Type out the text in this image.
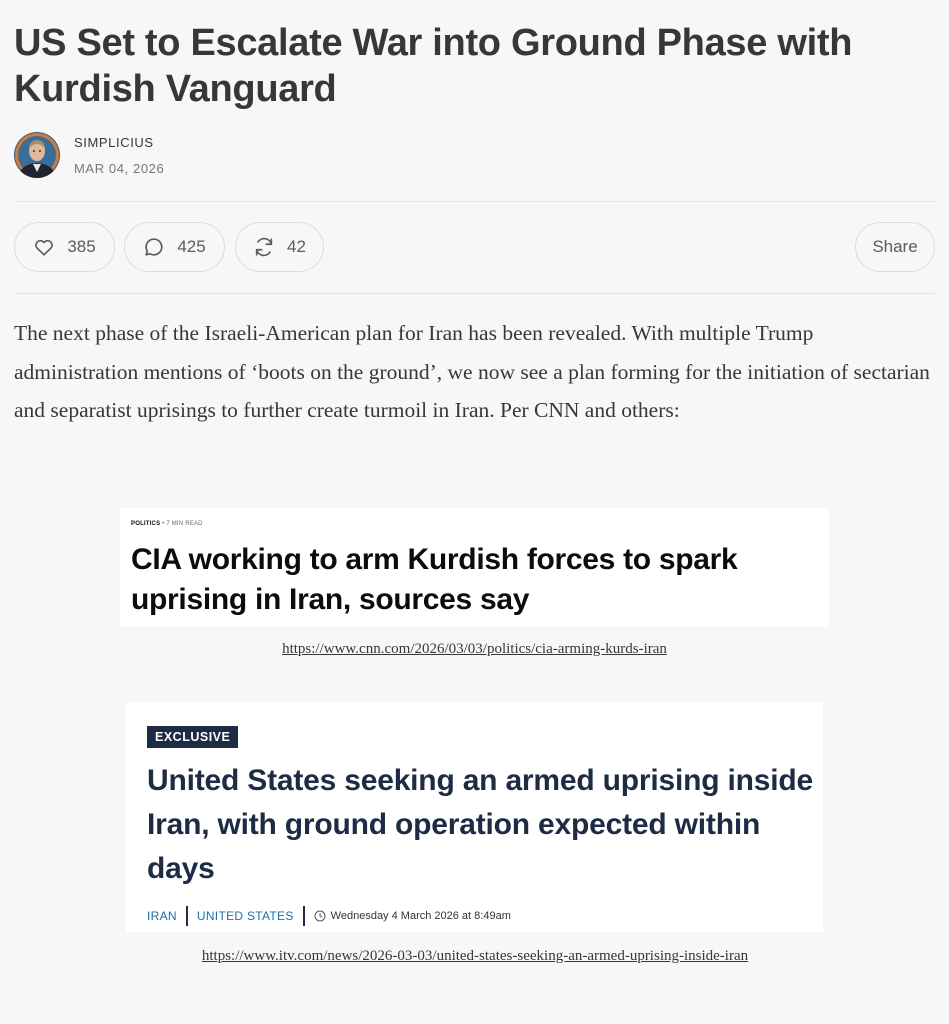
US Set to Escalate War into Ground Phase with Kurdish Vanguard
SIMPLICIUS
MAR 04, 2026
385	425	42	Share

The next phase of the Israeli-American plan for Iran has been revealed. With multiple Trump administration mentions of ‘boots on the ground’, we now see a plan forming for the initiation of sectarian and separatist uprisings to further create turmoil in Iran. Per CNN and others:

POLITICS • 7 MIN READ
CIA working to arm Kurdish forces to spark uprising in Iran, sources say
https://www.cnn.com/2026/03/03/politics/cia-arming-kurds-iran
EXCLUSIVE
United States seeking an armed uprising inside Iran, with ground operation expected within days
IRAN UNITED STATES	Wednesday 4 March 2026 at 8:49am
https://www.itv.com/news/2026-03-03/united-states-seeking-an-armed-uprising-inside-iran
